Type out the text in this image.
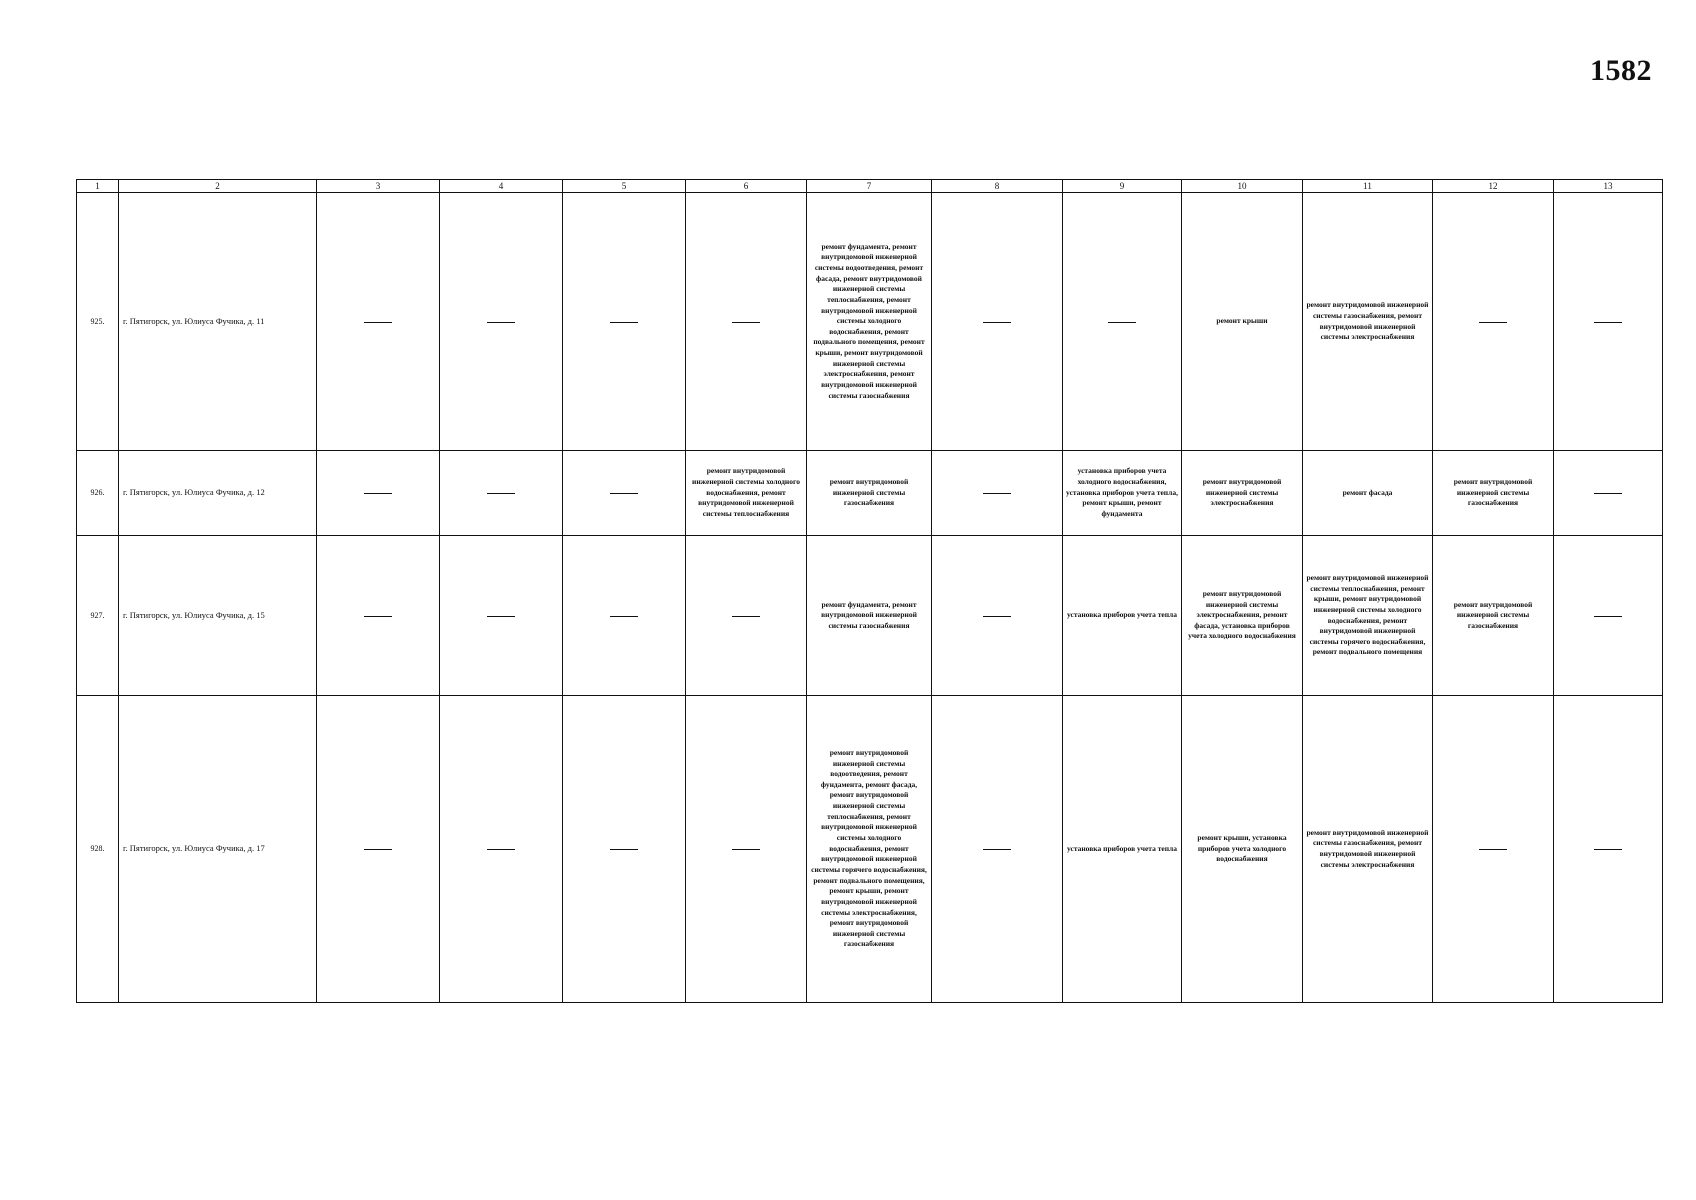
1582
1	2	3	4	5	6	7	8	9	10	11	12	13
925.	г. Пятигорск, ул. Юлиуса Фучика, д. 11					ремонт фундамента, ремонт внутридомовой инженерной системы водоотведения, ремонт фасада, ремонт внутридомовой инженерной системы теплоснабжения, ремонт внутридомовой инженерной системы холодного водоснабжения, ремонт подвального помещения, ремонт крыши, ремонт внутридомовой инженерной системы электроснабжения, ремонт внутридомовой инженерной системы газоснабжения			ремонт крыши	ремонт внутридомовой инженерной системы газоснабжения, ремонт внутридомовой инженерной системы электроснабжения		
926.	г. Пятигорск, ул. Юлиуса Фучика, д. 12				ремонт внутридомовой инженерной системы холодного водоснабжения, ремонт внутридомовой инженерной системы теплоснабжения	ремонт внутридомовой инженерной системы газоснабжения		установка приборов учета холодного водоснабжения, установка приборов учета тепла, ремонт крыши, ремонт фундамента	ремонт внутридомовой инженерной системы электроснабжения	ремонт фасада	ремонт внутридомовой инженерной системы газоснабжения	
927.	г. Пятигорск, ул. Юлиуса Фучика, д. 15					ремонт фундамента, ремонт внутридомовой инженерной системы газоснабжения		установка приборов учета тепла	ремонт внутридомовой инженерной системы электроснабжения, ремонт фасада, установка приборов учета холодного водоснабжения	ремонт внутридомовой инженерной системы теплоснабжения, ремонт крыши, ремонт внутридомовой инженерной системы холодного водоснабжения, ремонт внутридомовой инженерной системы горячего водоснабжения, ремонт подвального помещения	ремонт внутридомовой инженерной системы газоснабжения	
928.	г. Пятигорск, ул. Юлиуса Фучика, д. 17					ремонт внутридомовой инженерной системы водоотведения, ремонт фундамента, ремонт фасада, ремонт внутридомовой инженерной системы теплоснабжения, ремонт внутридомовой инженерной системы холодного водоснабжения, ремонт внутридомовой инженерной системы горячего водоснабжения, ремонт подвального помещения, ремонт крыши, ремонт внутридомовой инженерной системы электроснабжения, ремонт внутридомовой инженерной системы газоснабжения		установка приборов учета тепла	ремонт крыши, установка приборов учета холодного водоснабжения	ремонт внутридомовой инженерной системы газоснабжения, ремонт внутридомовой инженерной системы электроснабжения		
